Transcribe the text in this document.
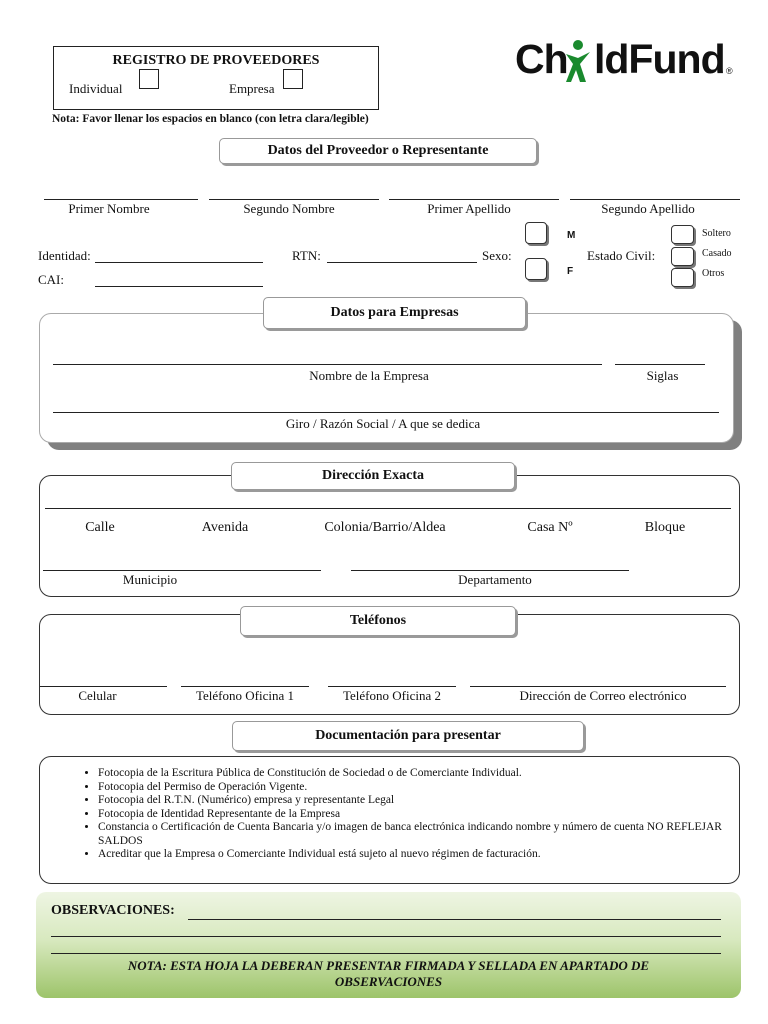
REGISTRO DE PROVEEDORES
Individual	Empresa
Nota: Favor llenar los espacios en blanco (con letra clara/legible)
Ch ldFund ®
Datos del Proveedor o Representante
Primer Nombre	Segundo Nombre	Primer Apellido	Segundo Apellido
Identidad:	RTN:	Sexo:
M
F
Estado Civil:
Soltero
Casado
Otros
CAI:
Datos para Empresas
Nombre de la Empresa	Siglas
Giro / Razón Social / A que se dedica
Dirección Exacta
Calle	Avenida	Colonia/Barrio/Aldea	Casa Nº	Bloque
Municipio	Departamento
Teléfonos
Celular	Teléfono Oficina 1	Teléfono Oficina 2	Dirección de Correo electrónico
Documentación para presentar
• Fotocopia de la Escritura Pública de Constitución de Sociedad o de Comerciante Individual.
• Fotocopia del Permiso de Operación Vigente.
• Fotocopia del R.T.N. (Numérico) empresa y representante Legal
• Fotocopia de Identidad Representante de la Empresa
• Constancia o Certificación de Cuenta Bancaria y/o imagen de banca electrónica indicando nombre y número de cuenta NO REFLEJAR SALDOS
• Acreditar que la Empresa o Comerciante Individual está sujeto al nuevo régimen de facturación.
OBSERVACIONES:
NOTA: ESTA HOJA LA DEBERAN PRESENTAR FIRMADA Y SELLADA EN APARTADO DE
OBSERVACIONES
